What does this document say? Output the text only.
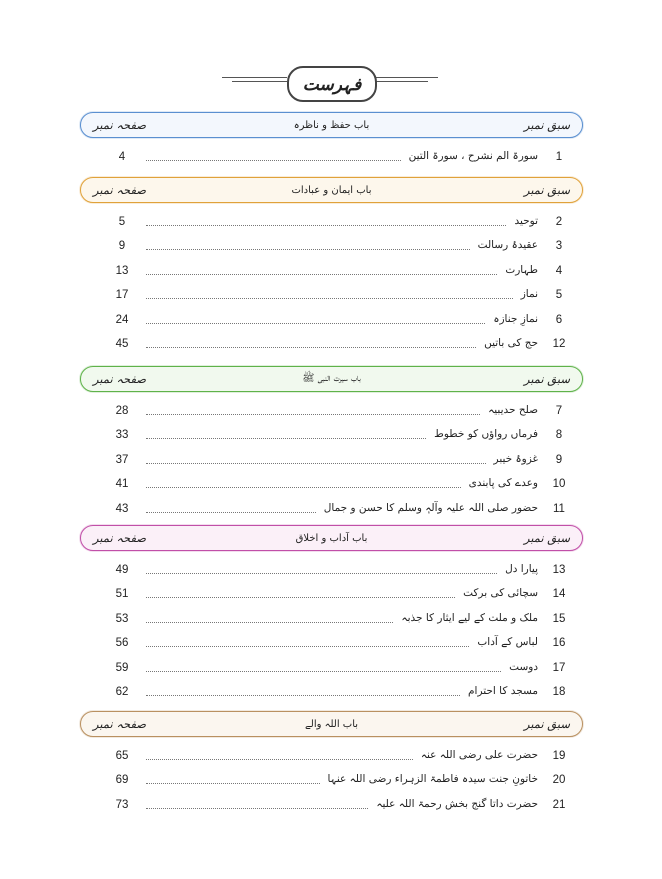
فہرست
صفحہ نمبر	باب حفظ و ناظرہ	سبق نمبر
4	سورۃ الم نشرح ، سورۃ التین	1
صفحہ نمبر	باب ایمان و عبادات	سبق نمبر
5	توحید	2
9	عقیدۂ رسالت	3
13	طہارت	4
17	نماز	5
24	نمازِ جنازہ	6
45	حج کی باتیں	12
صفحہ نمبر	باب سیرت النبی ﷺ	سبق نمبر
28	صلح حدیبیہ	7
33	فرماں رواؤں کو خطوط	8
37	غزوۂ خیبر	9
41	وعدے کی پابندی	10
43	حضور صلی اللہ علیہ وآلہٖ وسلم کا حسن و جمال	11
صفحہ نمبر	باب آداب و اخلاق	سبق نمبر
49	پیارا دل	13
51	سچائی کی برکت	14
53	ملک و ملت کے لیے ایثار کا جذبہ	15
56	لباس کے آداب	16
59	دوست	17
62	مسجد کا احترام	18
صفحہ نمبر	باب اللہ والے	سبق نمبر
65	حضرت علی رضی اللہ عنہ	19
69	خاتونِ جنت سیدہ فاطمۃ الزہراء رضی اللہ عنہا	20
73	حضرت داتا گنج بخش رحمۃ اللہ علیہ	21
